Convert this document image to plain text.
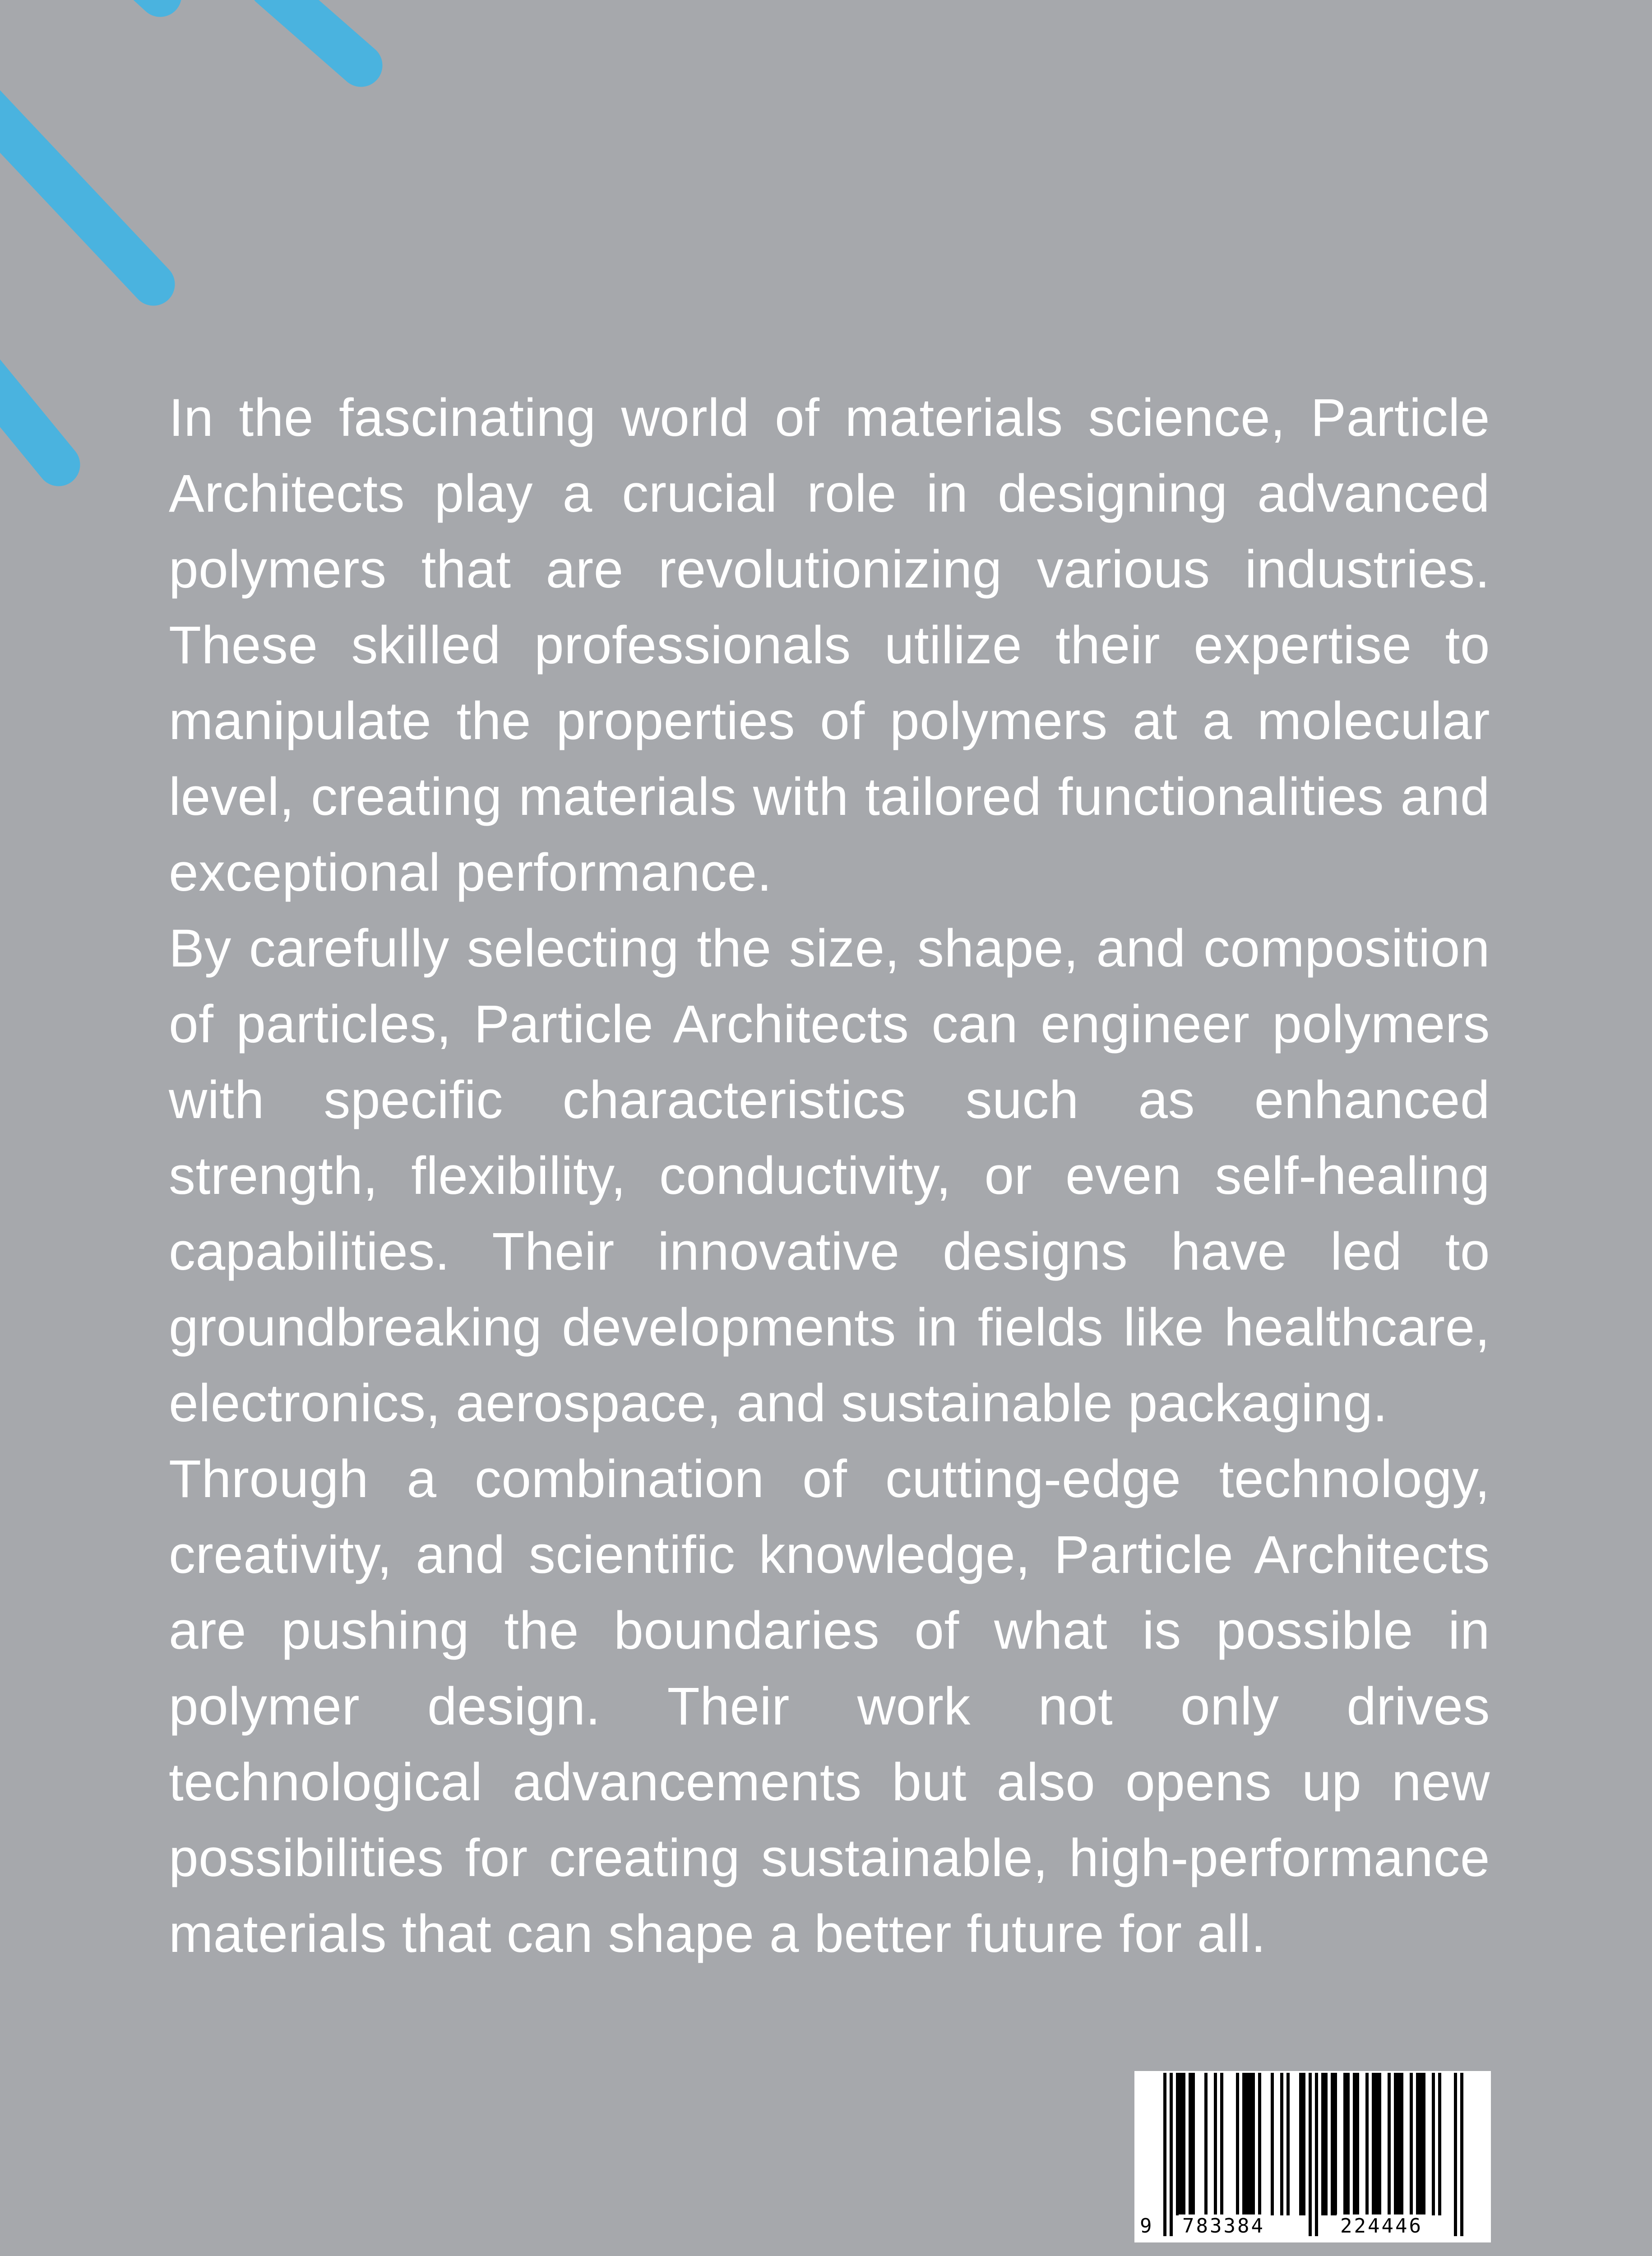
In the fascinating world of materials science, Particle Architects play a crucial role in designing advanced polymers that are revolutionizing various industries. These skilled professionals utilize their expertise to manipulate the properties of polymers at a molecular level, creating materials with tailored functionalities and exceptional performance.

By carefully selecting the size, shape, and composition of particles, Particle Architects can engineer polymers with specific characteristics such as enhanced strength, flexibility, conductivity, or even self-healing capabilities. Their innovative designs have led to groundbreaking developments in fields like healthcare, electronics, aerospace, and sustainable packaging.

Through a combination of cutting-edge technology, creativity, and scientific knowledge, Particle Architects are pushing the boundaries of what is possible in polymer design. Their work not only drives technological advancements but also opens up new possibilities for creating sustainable, high-performance materials that can shape a better future for all.

9 783384	224446
